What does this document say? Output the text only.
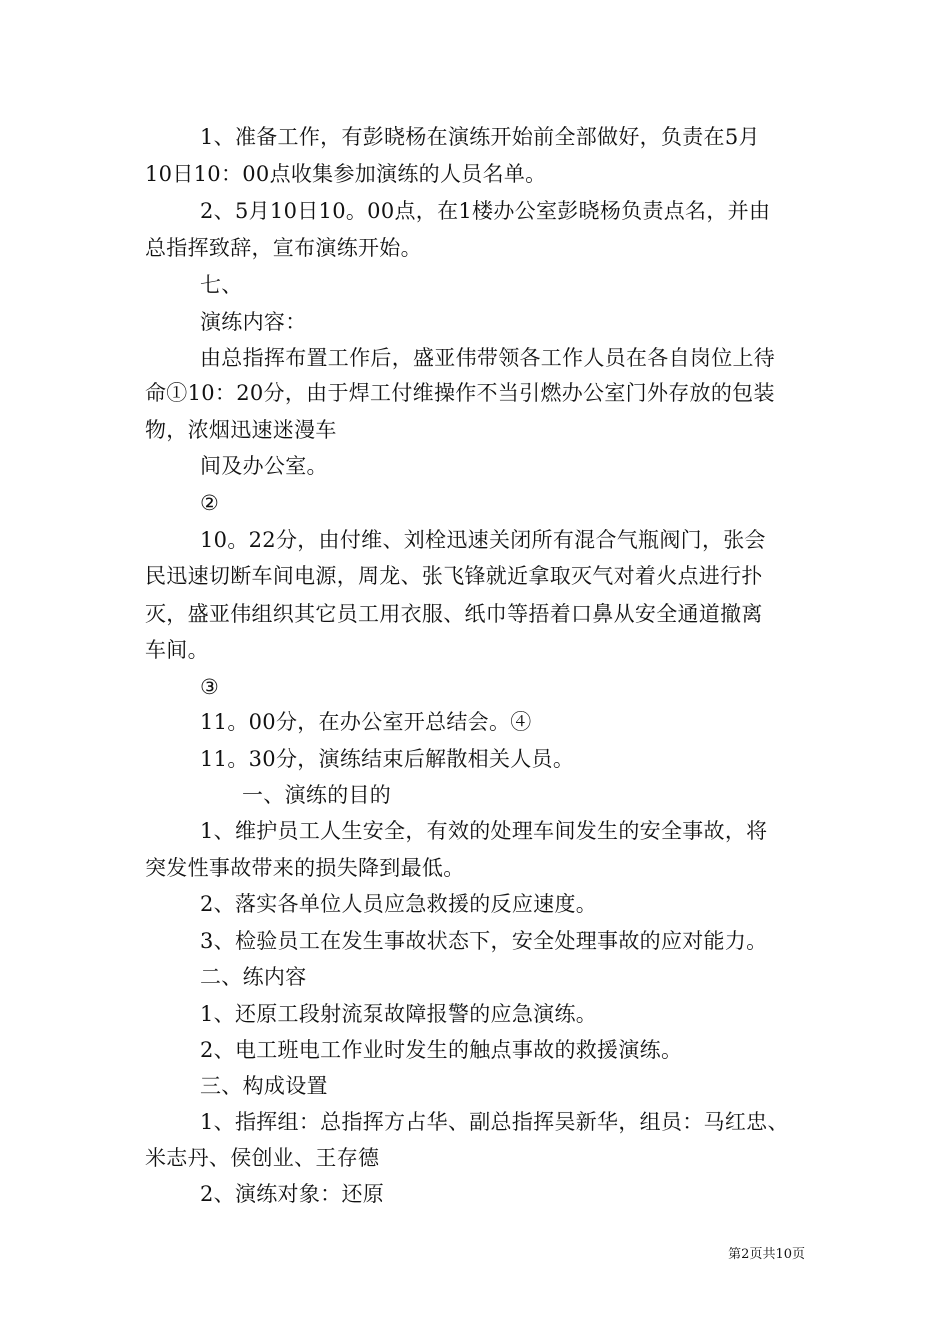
1、准备工作，有彭晓杨在演练开始前全部做好，负责在5月
10日10：00点收集参加演练的人员名单。
2、5月10日10。00点，在1楼办公室彭晓杨负责点名，并由
总指挥致辞，宣布演练开始。
七、
演练内容：
由总指挥布置工作后，盛亚伟带领各工作人员在各自岗位上待
命①10：20分，由于焊工付维操作不当引燃办公室门外存放的包装
物，浓烟迅速迷漫车
间及办公室。
②
10。22分，由付维、刘栓迅速关闭所有混合气瓶阀门，张会
民迅速切断车间电源，周龙、张飞锋就近拿取灭气对着火点进行扑
灭，盛亚伟组织其它员工用衣服、纸巾等捂着口鼻从安全通道撤离
车间。
③
11。00分，在办公室开总结会。④
11。30分，演练结束后解散相关人员。
一、演练的目的
1、维护员工人生安全，有效的处理车间发生的安全事故，将
突发性事故带来的损失降到最低。
2、落实各单位人员应急救援的反应速度。
3、检验员工在发生事故状态下，安全处理事故的应对能力。
二、练内容
1、还原工段射流泵故障报警的应急演练。
2、电工班电工作业时发生的触点事故的救援演练。
三、构成设置
1、指挥组：总指挥方占华、副总指挥吴新华，组员：马红忠、
米志丹、侯创业、王存德
2、演练对象：还原
第2页共10页
